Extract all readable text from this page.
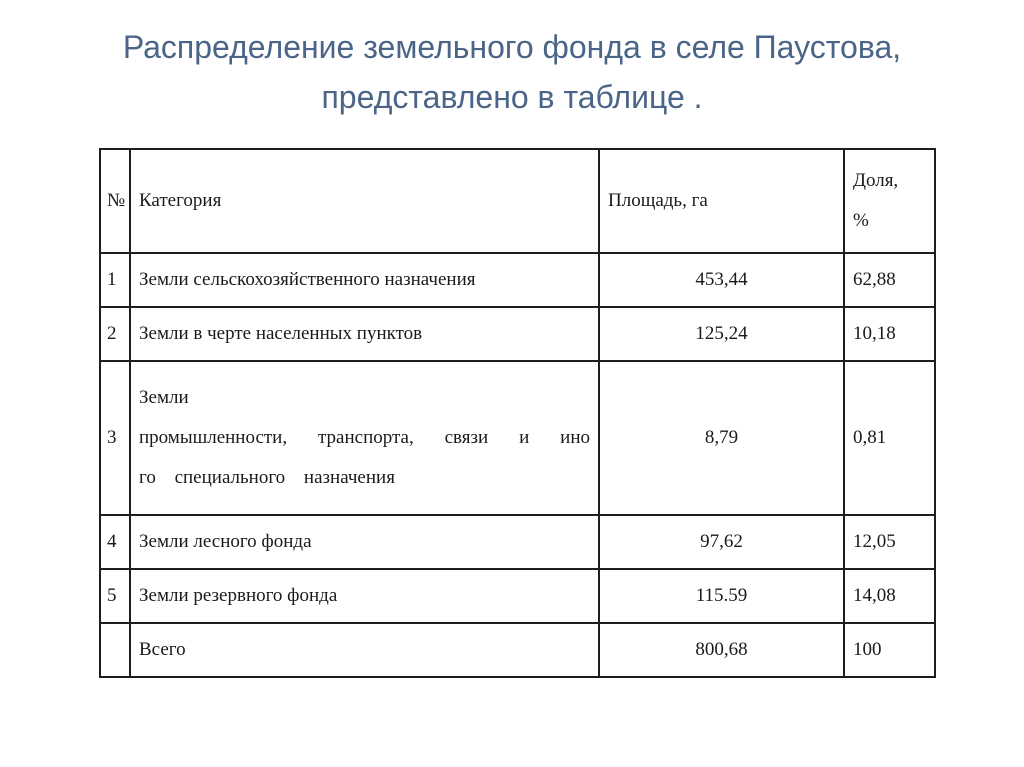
Распределение земельного фонда в селе Паустова,
представлено в таблице .
№	Категория	Площадь, га	Доля,
%

1	Земли сельскохозяйственного назначения	453,44	62,88
2	Земли в черте населенных пунктов	125,24	10,18
3	Земли
промышленности, транспорта, связи и ино
го специального назначения	8,79	0,81
4	Земли лесного фонда	97,62	12,05
5	Земли резервного фонда	115.59	14,08
	Всего	800,68	100
